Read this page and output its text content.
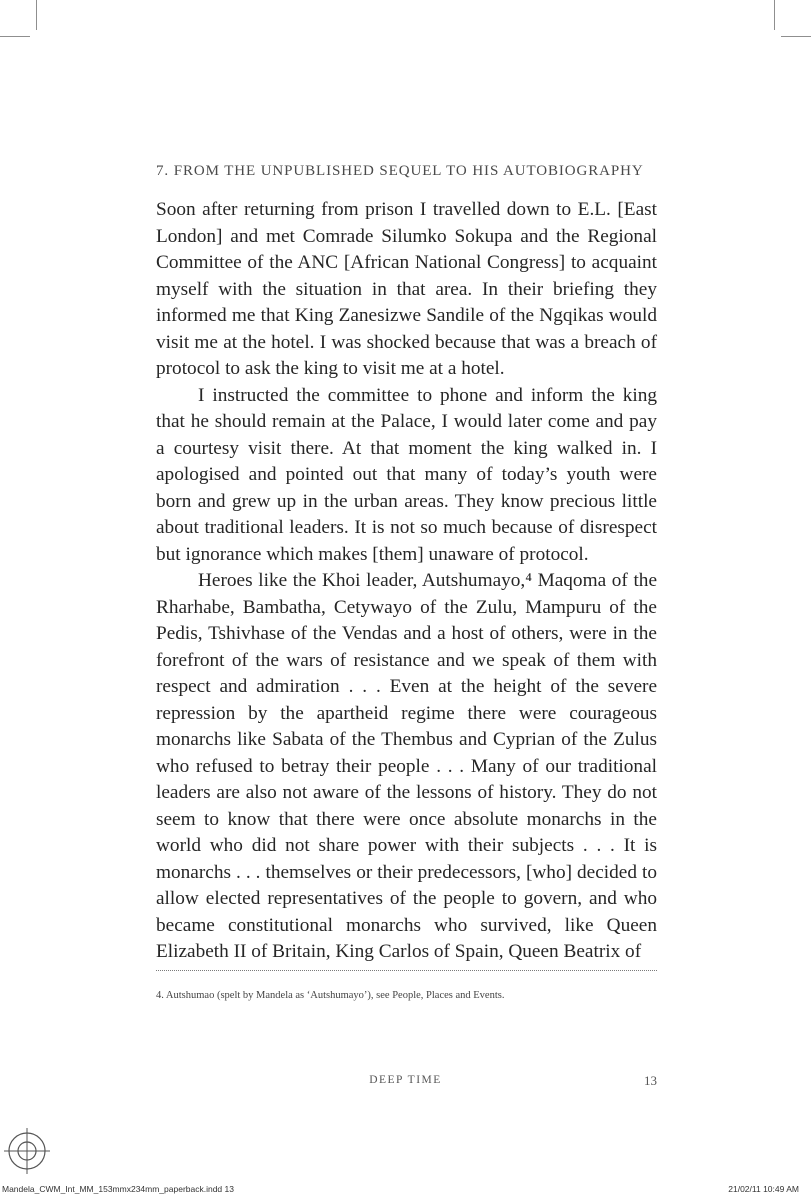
7. FROM THE UNPUBLISHED SEQUEL TO HIS AUTOBIOGRAPHY

Soon after returning from prison I travelled down to E.L. [East London] and met Comrade Silumko Sokupa and the Regional Committee of the ANC [African National Congress] to acquaint myself with the situation in that area. In their briefing they informed me that King Zanesizwe Sandile of the Ngqikas would visit me at the hotel. I was shocked because that was a breach of protocol to ask the king to visit me at a hotel.

I instructed the committee to phone and inform the king that he should remain at the Palace, I would later come and pay a courtesy visit there. At that moment the king walked in. I apologised and pointed out that many of today’s youth were born and grew up in the urban areas. They know precious little about traditional leaders. It is not so much because of disrespect but ignorance which makes [them] unaware of protocol.

Heroes like the Khoi leader, Autshumayo,⁴ Maqoma of the Rharhabe, Bambatha, Cetywayo of the Zulu, Mampuru of the Pedis, Tshivhase of the Vendas and a host of others, were in the forefront of the wars of resistance and we speak of them with respect and admiration . . . Even at the height of the severe repression by the apartheid regime there were courageous monarchs like Sabata of the Thembus and Cyprian of the Zulus who refused to betray their people . . . Many of our traditional leaders are also not aware of the lessons of history. They do not seem to know that there were once absolute monarchs in the world who did not share power with their subjects . . . It is monarchs . . . themselves or their predecessors, [who] decided to allow elected representatives of the people to govern, and who became constitutional monarchs who survived, like Queen Elizabeth II of Britain, King Carlos of Spain, Queen Beatrix of

4. Autshumao (spelt by Mandela as ‘Autshumayo’), see People, Places and Events.
DEEP TIME	13
Mandela_CWM_Int_MM_153mmx234mm_paperback.indd 13	21/02/11 10:49 AM
